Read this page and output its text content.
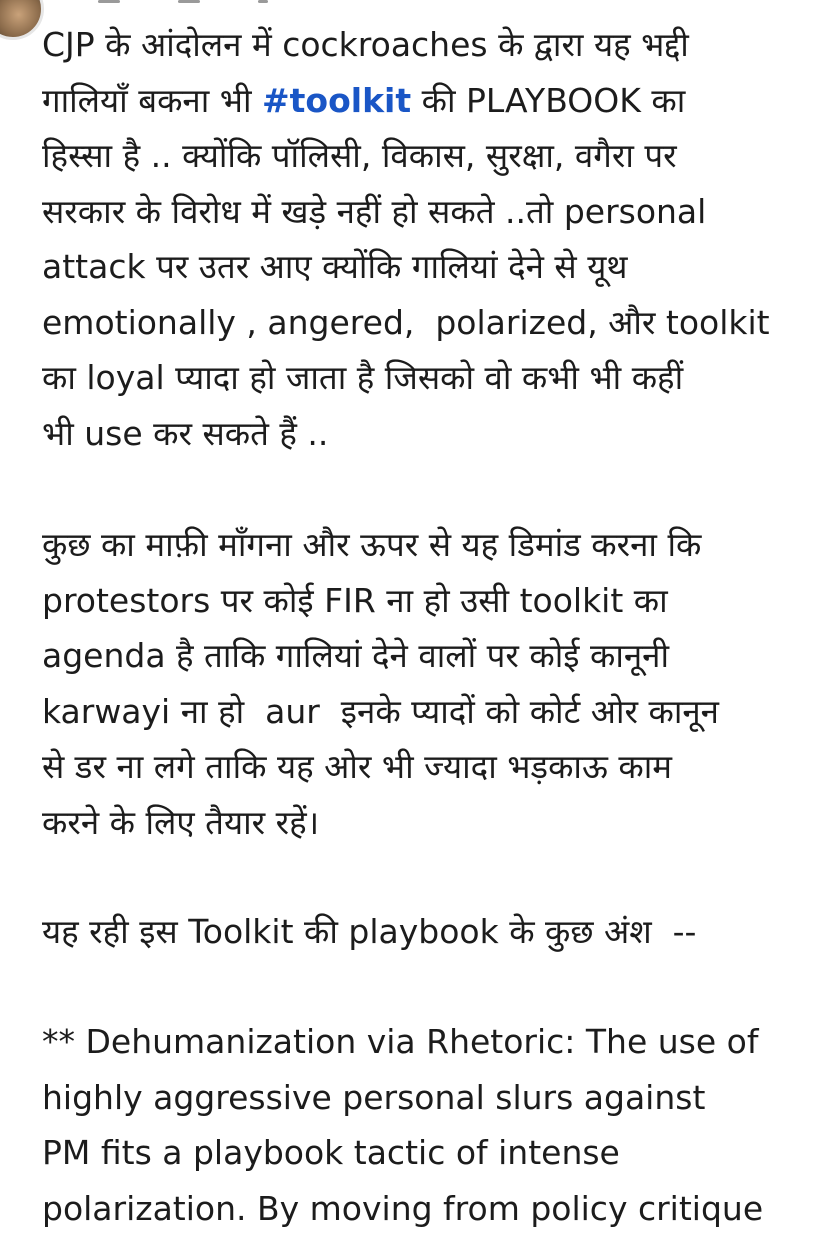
CJP के आंदोलन में cockroaches के द्वारा यह भद्दी
गालियाँ बकना भी #toolkit की PLAYBOOK का
हिस्सा है .. क्योंकि पॉलिसी, विकास, सुरक्षा, वगैरा पर
सरकार के विरोध में खड़े नहीं हो सकते ..तो personal
attack पर उतर आए क्योंकि गालियां देने से यूथ
emotionally , angered,  polarized, और toolkit
का loyal प्यादा हो जाता है जिसको वो कभी भी कहीं
भी use कर सकते हैं ..

कुछ का माफ़ी माँगना और ऊपर से यह डिमांड करना कि
protestors पर कोई FIR ना हो उसी toolkit का
agenda है ताकि गालियां देने वालों पर कोई कानूनी
karwayi ना हो  aur  इनके प्यादों को कोर्ट ओर कानून
से डर ना लगे ताकि यह ओर भी ज्यादा भड़काऊ काम
करने के लिए तैयार रहें।

यह रही इस Toolkit की playbook के कुछ अंश  --

** Dehumanization via Rhetoric: The use of
highly aggressive personal slurs against
PM fits a playbook tactic of intense
polarization. By moving from policy critique
